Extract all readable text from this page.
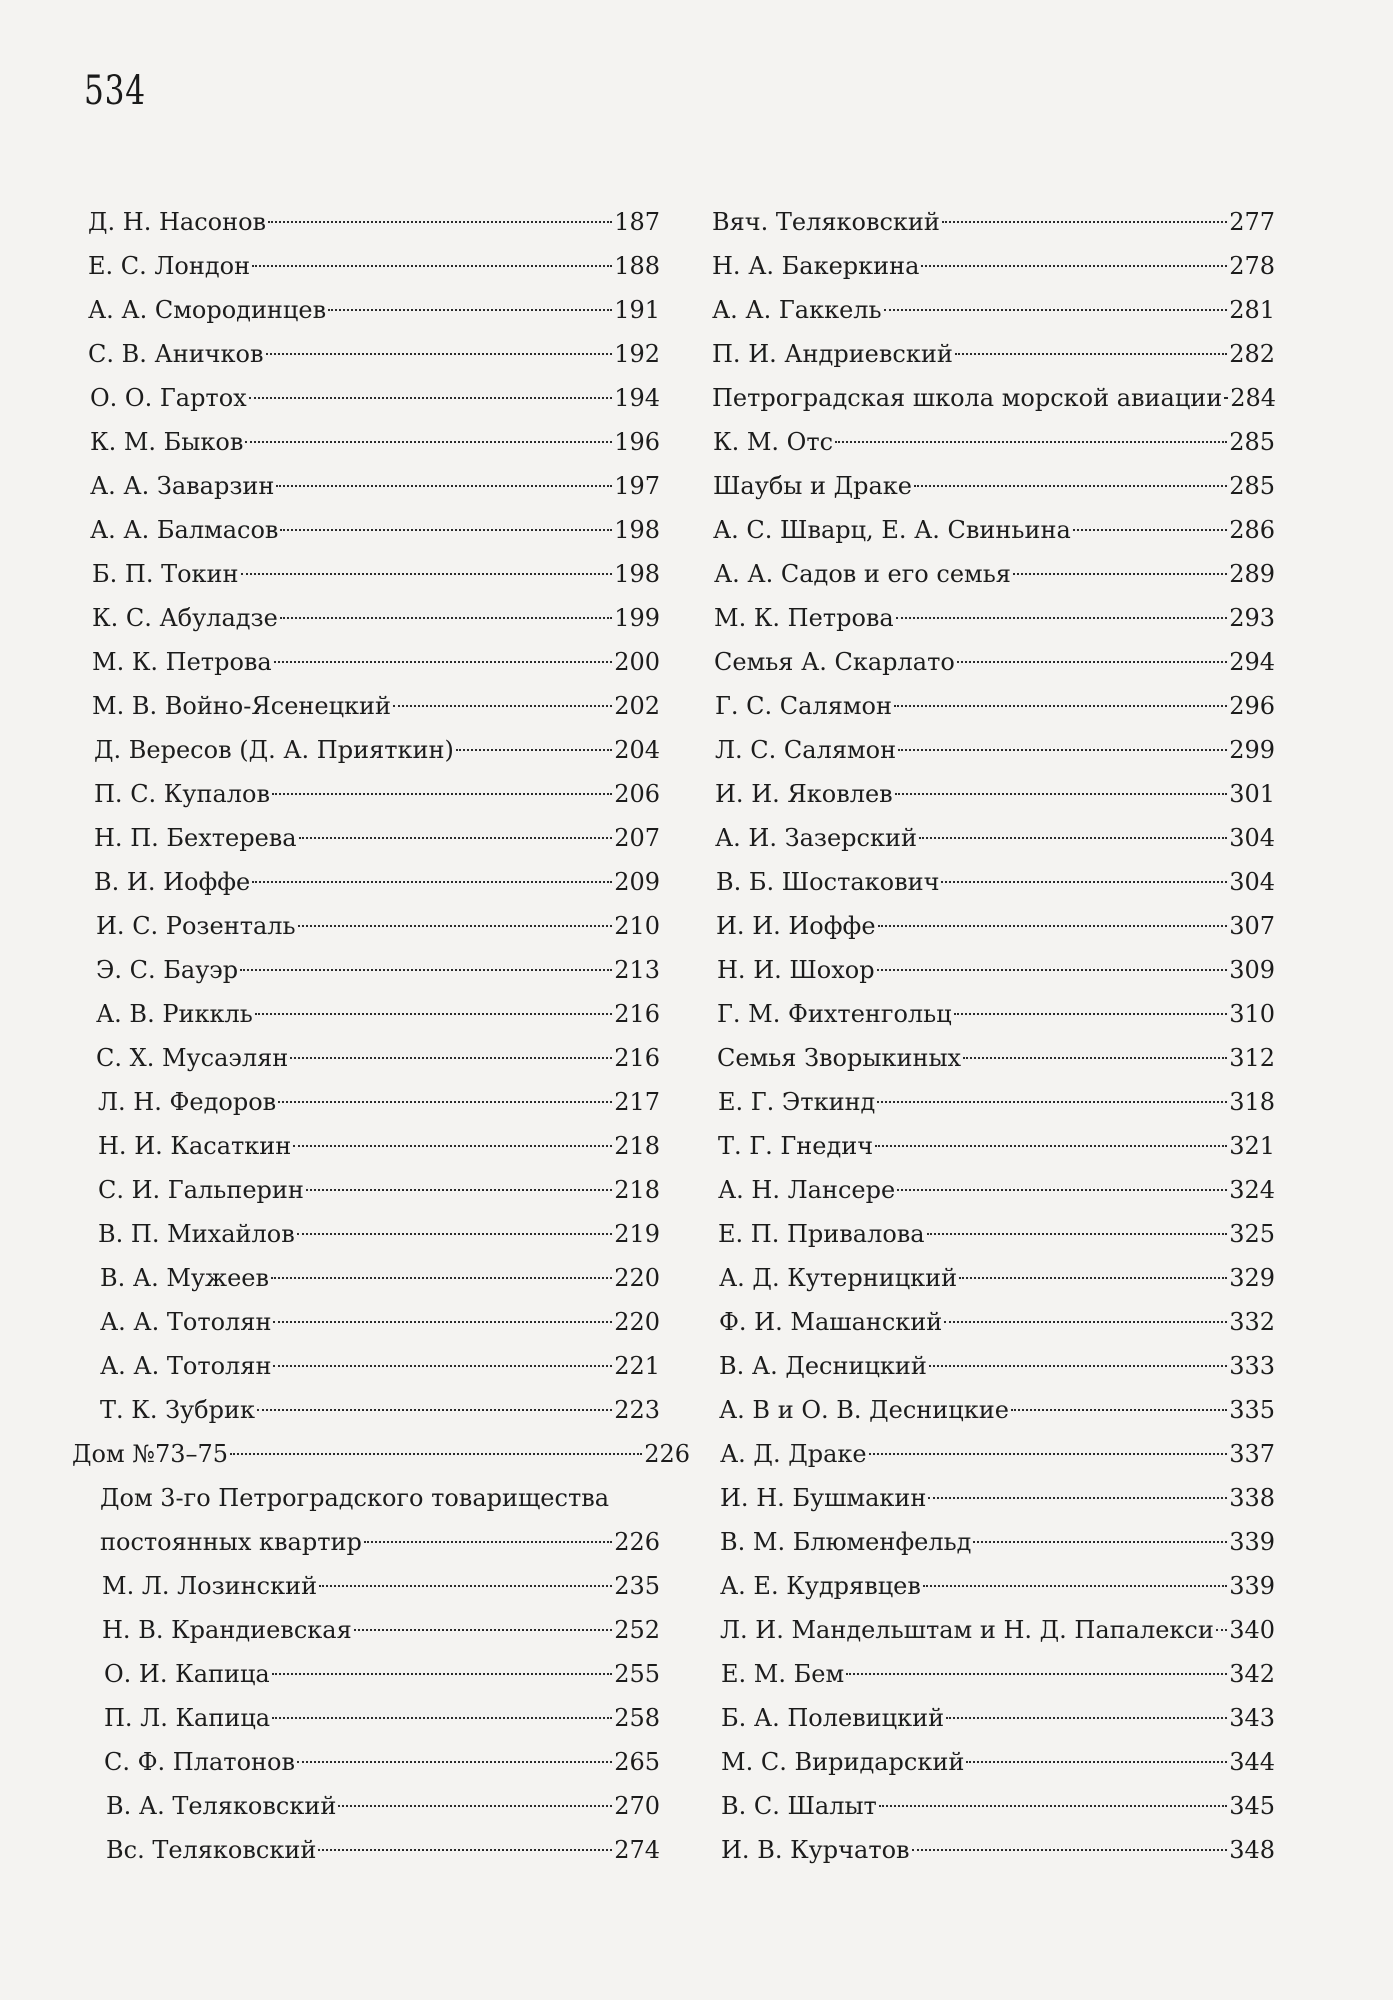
534
Д. Н. Насонов	187
Е. С. Лондон	188
А. А. Смородинцев	191
С. В. Аничков	192
О. О. Гартох	194
К. М. Быков	196
А. А. Заварзин	197
А. А. Балмасов	198
Б. П. Токин	198
К. С. Абуладзе	199
М. К. Петрова	200
М. В. Войно-Ясенецкий	202
Д. Вересов (Д. А. Прияткин)	204
П. С. Купалов	206
Н. П. Бехтерева	207
В. И. Иоффе	209
И. С. Розенталь	210
Э. С. Бауэр	213
А. В. Риккль	216
С. Х. Мусаэлян	216
Л. Н. Федоров	217
Н. И. Касаткин	218
С. И. Гальперин	218
В. П. Михайлов	219
В. А. Мужеев	220
А. А. Тотолян	220
А. А. Тотолян	221
Т. К. Зубрик	223
Дом №73–75	226
Дом 3-го Петроградского товарищества
постоянных квартир	226
М. Л. Лозинский	235
Н. В. Крандиевская	252
О. И. Капица	255
П. Л. Капица	258
С. Ф. Платонов	265
В. А. Теляковский	270
Вс. Теляковский	274
Вяч. Теляковский	277
Н. А. Бакеркина	278
А. А. Гаккель	281
П. И. Андриевский	282
Петроградская школа морской авиации 284
К. М. Отс	285
Шаубы и Драке	285
А. С. Шварц, Е. А. Свиньина	286
А. А. Садов и его семья	289
М. К. Петрова	293
Семья А. Скарлато	294
Г. С. Салямон	296
Л. С. Салямон	299
И. И. Яковлев	301
А. И. Зазерский	304
В. Б. Шостакович	304
И. И. Иоффе	307
Н. И. Шохор	309
Г. М. Фихтенгольц	310
Семья Зворыкиных	312
Е. Г. Эткинд	318
Т. Г. Гнедич	321
А. Н. Лансере	324
Е. П. Привалова	325
А. Д. Кутерницкий	329
Ф. И. Машанский	332
В. А. Десницкий	333
А. В и О. В. Десницкие	335
А. Д. Драке	337
И. Н. Бушмакин	338
В. М. Блюменфельд	339
А. Е. Кудрявцев	339
Л. И. Мандельштам и Н. Д. Папалекси 340
Е. М. Бем	342
Б. А. Полевицкий	343
М. С. Виридарский	344
В. С. Шалыт	345
И. В. Курчатов	348
